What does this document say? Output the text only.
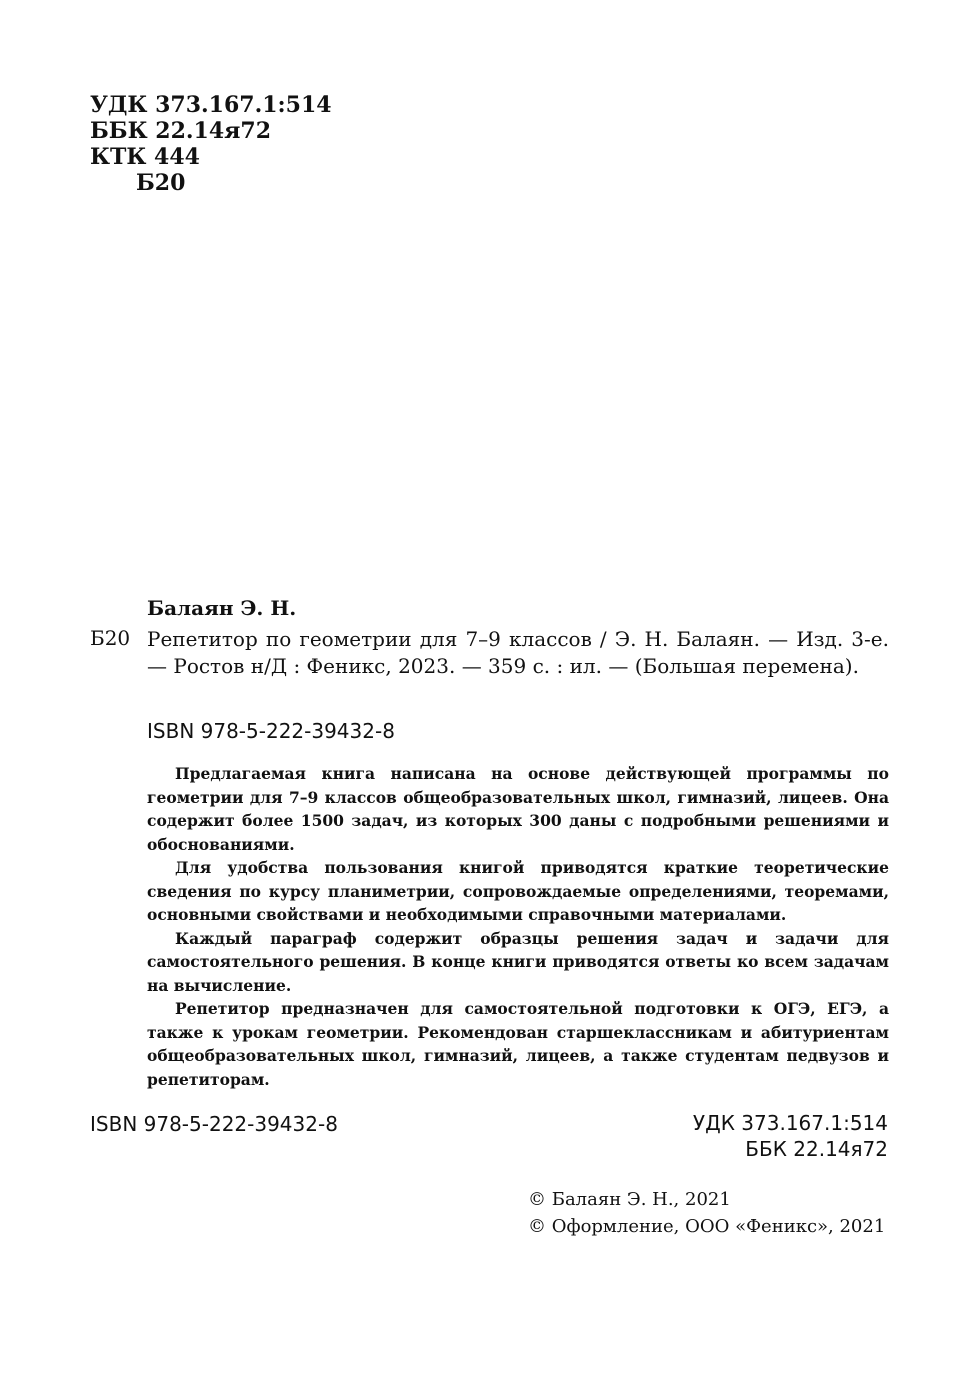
УДК 373.167.1:514
ББК 22.14я72
КТК 444
Б20
Балаян Э. Н.
Б20 Репетитор по геометрии для 7–9 классов / Э. Н. Балаян. — Изд. 3-е. — Ростов н/Д : Феникс, 2023. — 359 с. : ил. — (Большая перемена).
ISBN 978-5-222-39432-8

Предлагаемая книга написана на основе действующей программы по геометрии для 7–9 классов общеобразовательных школ, гимназий, лицеев. Она содержит более 1500 задач, из которых 300 даны с подробными решениями и обоснованиями.

Для удобства пользования книгой приводятся краткие теоретические сведения по курсу планиметрии, сопровождаемые определениями, теоремами, основными свойствами и необходимыми справочными материалами.

Каждый параграф содержит образцы решения задач и задачи для самостоятельного решения. В конце книги приводятся ответы ко всем задачам на вычисление.

Репетитор предназначен для самостоятельной подготовки к ОГЭ, ЕГЭ, а также к урокам геометрии. Рекомендован старшеклассникам и абитуриентам общеобразовательных школ, гимназий, лицеев, а также студентам педвузов и репетиторам.

ISBN 978-5-222-39432-8	УДК 373.167.1:514
ББК 22.14я72
© Балаян Э. Н., 2021
© Оформление, ООО «Феникс», 2021
